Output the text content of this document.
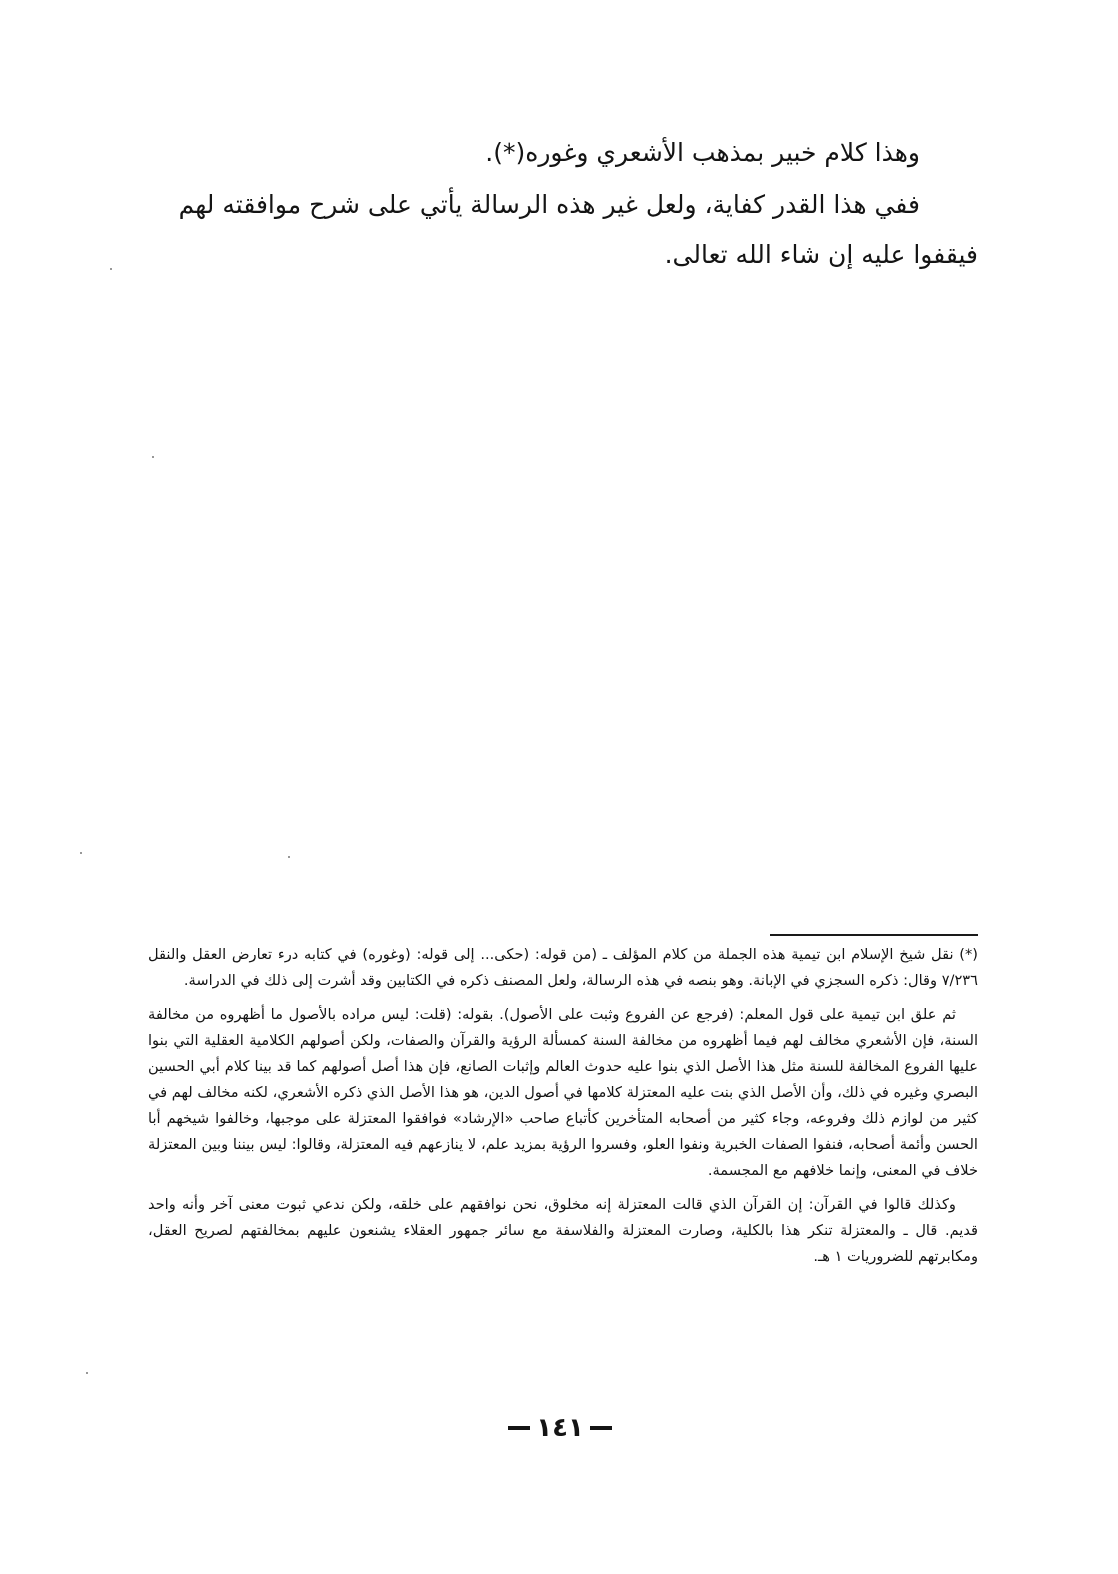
وهذا كلام خبير بمذهب الأشعري وغوره(*).

ففي هذا القدر كفاية، ولعل غير هذه الرسالة يأتي على شرح موافقته لهم فيقفوا عليه إن شاء الله تعالى.

(*) نقل شيخ الإسلام ابن تيمية هذه الجملة من كلام المؤلف ـ (من قوله: (حكى... إلى قوله: (وغوره) في كتابه درء تعارض العقل والنقل ٧/٢٣٦ وقال: ذكره السجزي في الإبانة. وهو بنصه في هذه الرسالة، ولعل المصنف ذكره في الكتابين وقد أشرت إلى ذلك في الدراسة.

ثم علق ابن تيمية على قول المعلم: (فرجع عن الفروع وثبت على الأصول). بقوله: (قلت: ليس مراده بالأصول ما أظهروه من مخالفة السنة، فإن الأشعري مخالف لهم فيما أظهروه من مخالفة السنة كمسألة الرؤية والقرآن والصفات، ولكن أصولهم الكلامية العقلية التي بنوا عليها الفروع المخالفة للسنة مثل هذا الأصل الذي بنوا عليه حدوث العالم وإثبات الصانع، فإن هذا أصل أصولهم كما قد بينا كلام أبي الحسين البصري وغيره في ذلك، وأن الأصل الذي بنت عليه المعتزلة كلامها في أصول الدين، هو هذا الأصل الذي ذكره الأشعري، لكنه مخالف لهم في كثير من لوازم ذلك وفروعه، وجاء كثير من أصحابه المتأخرين كأتباع صاحب «الإرشاد» فوافقوا المعتزلة على موجبها، وخالفوا شيخهم أبا الحسن وأئمة أصحابه، فنفوا الصفات الخبرية ونفوا العلو، وفسروا الرؤية بمزيد علم، لا ينازعهم فيه المعتزلة، وقالوا: ليس بيننا وبين المعتزلة خلاف في المعنى، وإنما خلافهم مع المجسمة.

وكذلك قالوا في القرآن: إن القرآن الذي قالت المعتزلة إنه مخلوق، نحن نوافقهم على خلقه، ولكن ندعي ثبوت معنى آخر وأنه واحد قديم. قال ـ والمعتزلة تنكر هذا بالكلية، وصارت المعتزلة والفلاسفة مع سائر جمهور العقلاء يشنعون عليهم بمخالفتهم لصريح العقل، ومكابرتهم للضروريات ١ هـ.

١٤١
